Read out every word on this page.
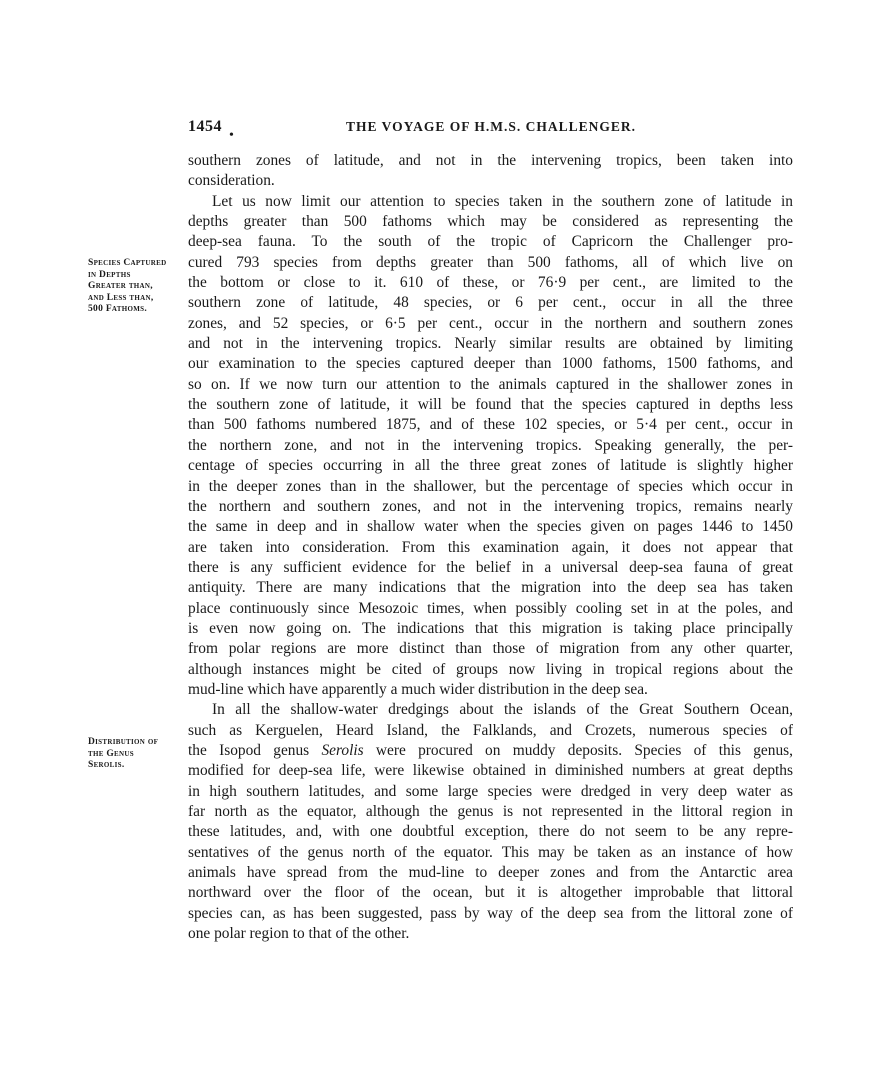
1454
•
THE VOYAGE OF H.M.S. CHALLENGER.
Species Captured
in Depths
Greater than,
and Less than,
500 Fathoms.
Distribution of
the Genus
Serolis.
southern zones of latitude, and not in the intervening tropics, been taken into
consideration.
Let us now limit our attention to species taken in the southern zone of latitude in
depths greater than 500 fathoms which may be considered as representing the
deep-sea fauna. To the south of the tropic of Capricorn the Challenger pro-
cured 793 species from depths greater than 500 fathoms, all of which live on
the bottom or close to it. 610 of these, or 76·9 per cent., are limited to the
southern zone of latitude, 48 species, or 6 per cent., occur in all the three
zones, and 52 species, or 6·5 per cent., occur in the northern and southern zones
and not in the intervening tropics. Nearly similar results are obtained by limiting
our examination to the species captured deeper than 1000 fathoms, 1500 fathoms, and
so on. If we now turn our attention to the animals captured in the shallower zones in
the southern zone of latitude, it will be found that the species captured in depths less
than 500 fathoms numbered 1875, and of these 102 species, or 5·4 per cent., occur in
the northern zone, and not in the intervening tropics. Speaking generally, the per-
centage of species occurring in all the three great zones of latitude is slightly higher
in the deeper zones than in the shallower, but the percentage of species which occur in
the northern and southern zones, and not in the intervening tropics, remains nearly
the same in deep and in shallow water when the species given on pages 1446 to 1450
are taken into consideration. From this examination again, it does not appear that
there is any sufficient evidence for the belief in a universal deep-sea fauna of great
antiquity. There are many indications that the migration into the deep sea has taken
place continuously since Mesozoic times, when possibly cooling set in at the poles, and
is even now going on. The indications that this migration is taking place principally
from polar regions are more distinct than those of migration from any other quarter,
although instances might be cited of groups now living in tropical regions about the
mud-line which have apparently a much wider distribution in the deep sea.
In all the shallow-water dredgings about the islands of the Great Southern Ocean,
such as Kerguelen, Heard Island, the Falklands, and Crozets, numerous species of
the Isopod genus Serolis were procured on muddy deposits. Species of this genus,
modified for deep-sea life, were likewise obtained in diminished numbers at great depths
in high southern latitudes, and some large species were dredged in very deep water as
far north as the equator, although the genus is not represented in the littoral region in
these latitudes, and, with one doubtful exception, there do not seem to be any repre-
sentatives of the genus north of the equator. This may be taken as an instance of how
animals have spread from the mud-line to deeper zones and from the Antarctic area
northward over the floor of the ocean, but it is altogether improbable that littoral
species can, as has been suggested, pass by way of the deep sea from the littoral zone of
one polar region to that of the other.
